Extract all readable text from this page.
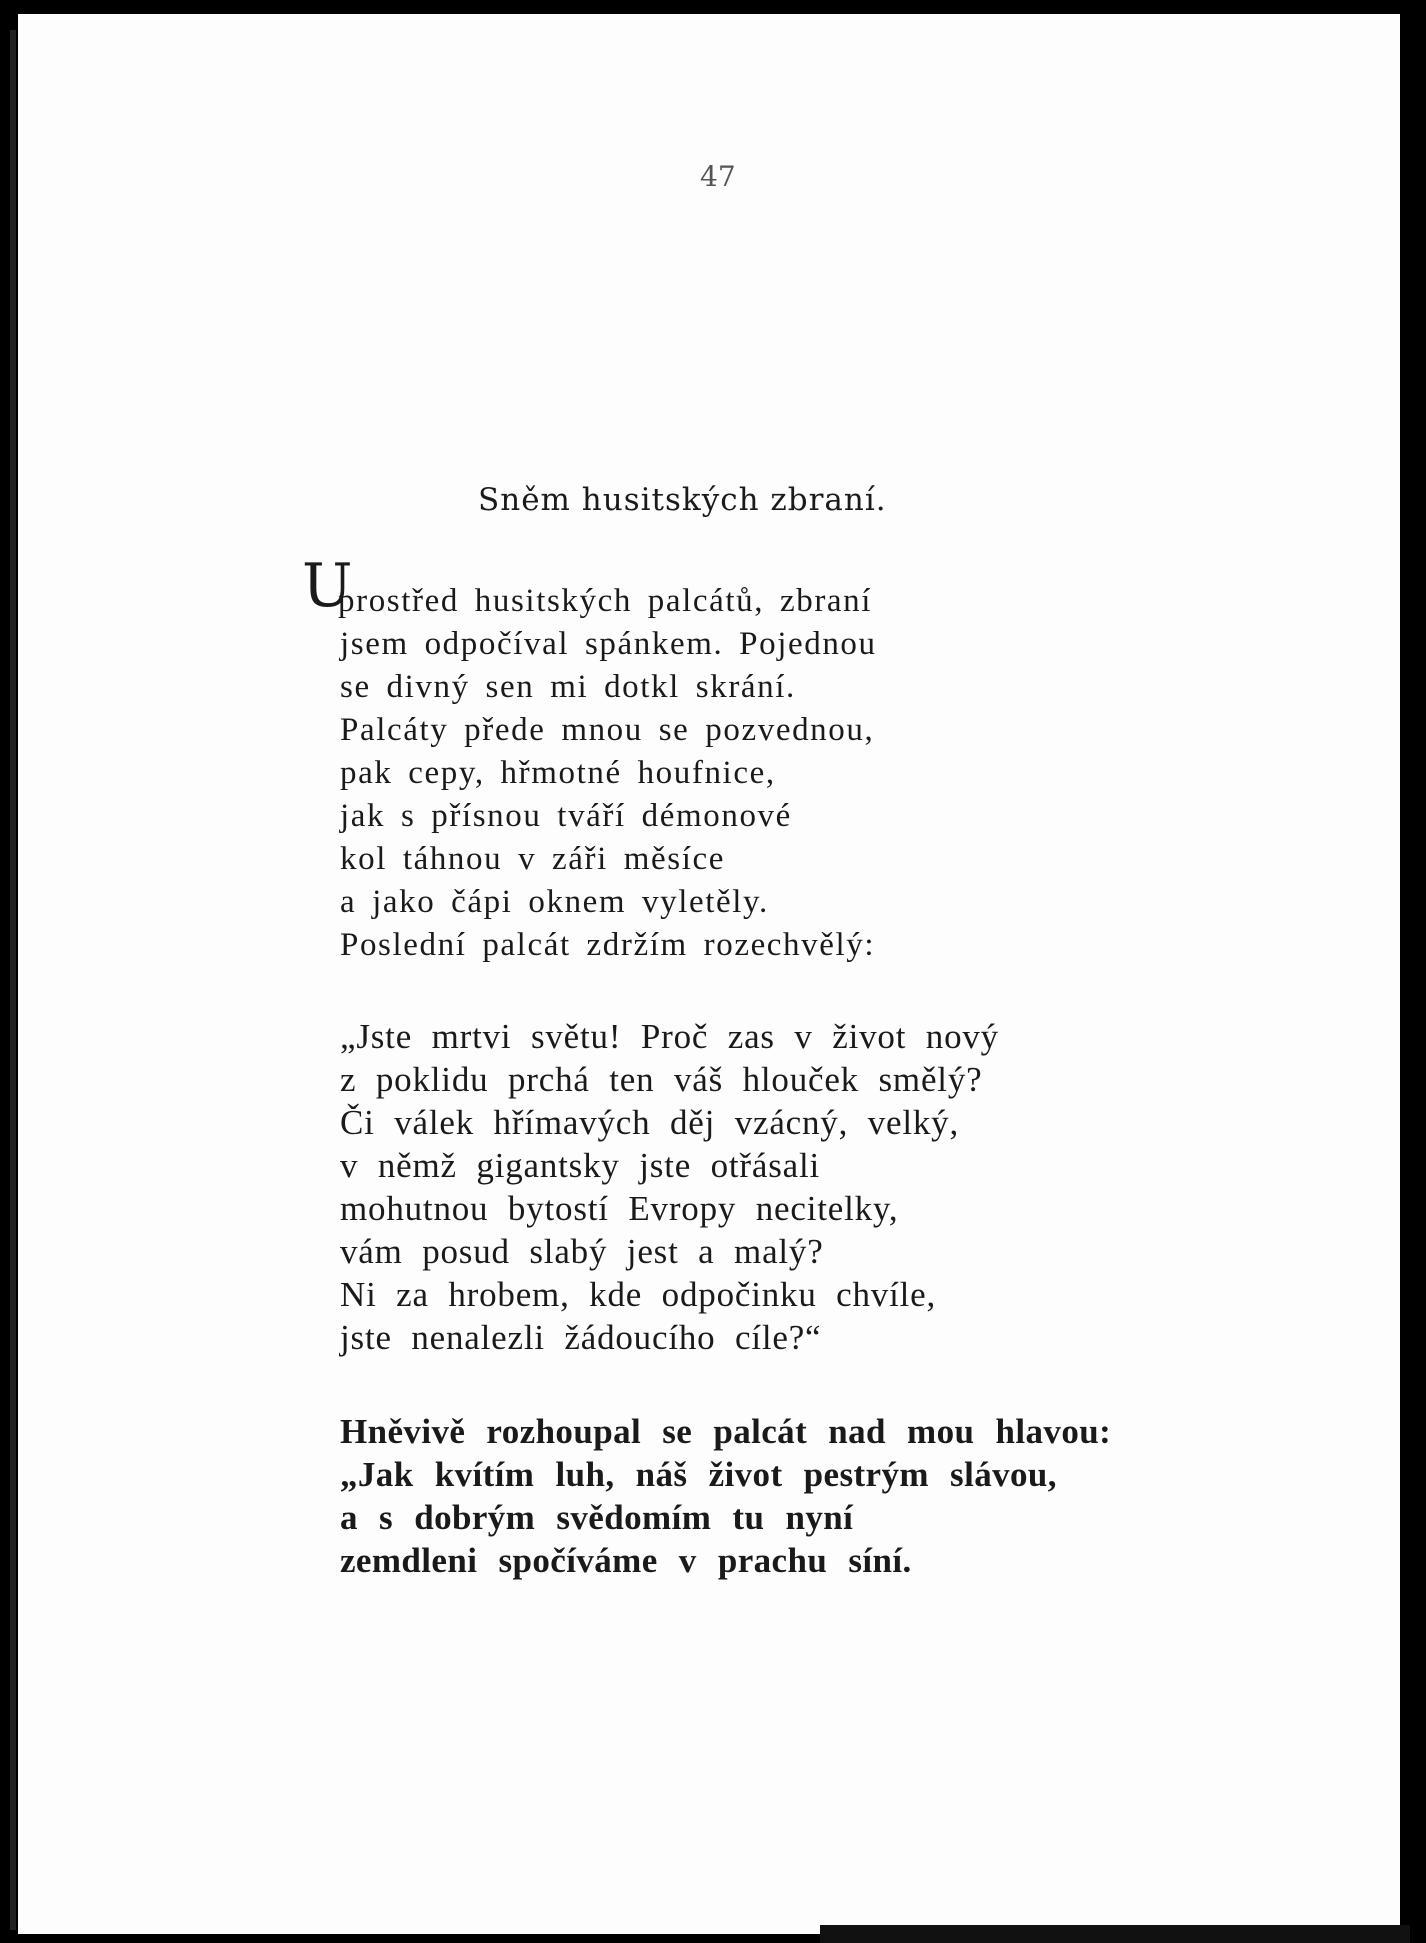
47
Sněm husitských zbraní.
U
prostřed husitských palcátů, zbraní
jsem odpočíval spánkem. Pojednou
se divný sen mi dotkl skrání.
Palcáty přede mnou se pozvednou,
pak cepy, hřmotné houfnice,
jak s přísnou tváří démonové
kol táhnou v záři měsíce
a jako čápi oknem vyletěly.
Poslední palcát zdržím rozechvělý:
„Jste mrtvi světu! Proč zas v život nový
z poklidu prchá ten váš hlouček smělý?
Či válek hřímavých děj vzácný, velký,
v němž gigantsky jste otřásali
mohutnou bytostí Evropy necitelky,
vám posud slabý jest a malý?
Ni za hrobem, kde odpočinku chvíle,
jste nenalezli žádoucího cíle?“
Hněvivě rozhoupal se palcát nad mou hlavou:
„Jak kvítím luh, náš život pestrým slávou,
a s dobrým svědomím tu nyní
zemdleni spočíváme v prachu síní.
